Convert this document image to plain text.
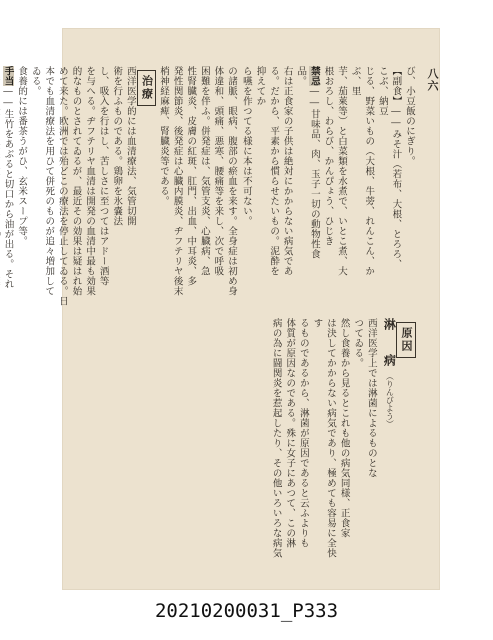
八六

び、小豆飯のにぎり。

【副食】――みそ汁（若布、大根、とろろ、こぶ、納豆

じる、野菜いもの（大根、牛蒡、れんこん、かぶ、里

芋、茄萊等）と白菜類を水煮で、いとこ煮、大

根おろし、わらび、かんぴょう、ひじき

禁忌――甘味品、肉、玉子一切の動物性食品。

右は正食家の子供は絶対にかからない病気であ

る。だから、平素から慣らせたいもの。泥酔を抑えてか

ら嚥を作つてる様に本は不可ない。

の諸脈、眼病、腹部の瘀血を来す。全身症は初め身

体違和、頭痛、悪寒、腰痛等を来し、次で呼吸

困難を伴ふ。併発症は、気管支炎、心臓病、急

性腎臓炎、皮膚の紅斑、肛門、出血、中耳炎、多

発性関節炎、後発症は心臓内膜炎、ヂフテリヤ後末

梢神経麻痺、腎臓炎等である。

治療

西洋医学的には血清療法、気管切開

術を行ふものである。鶏卵を氷嚢法

し、吸入を行はし、苦しさに至つてはアドー酒等

を与へる。ヂフテリヤ血清は開発の血清中最も効果

的なものとされてゐるが、最近その効果は疑はれ始

めて来た。欧洲では殆どこの療法を停止してゐる。日

本でも血清療法を用ひて併死のものが追々増加して

ゐる。

食養的には番茶うがひ、玄米スープ等。

手当――生竹をあぶると切口から油が出る。それ

原因

淋　病（りんびよう）

西洋医学上では淋菌によるものとな

つてゐる。

然し食養から見るとこれも他の病気同様、正食家

は決してかからない病気であり、極めても容易に全快す

るものであるから、淋菌が原因であると云ふよりも

体質が原因なのである。殊に女子にあつて、この淋

病の為に闘関炎を惹起したり、その他いろいろな病気

20210200031_P333
